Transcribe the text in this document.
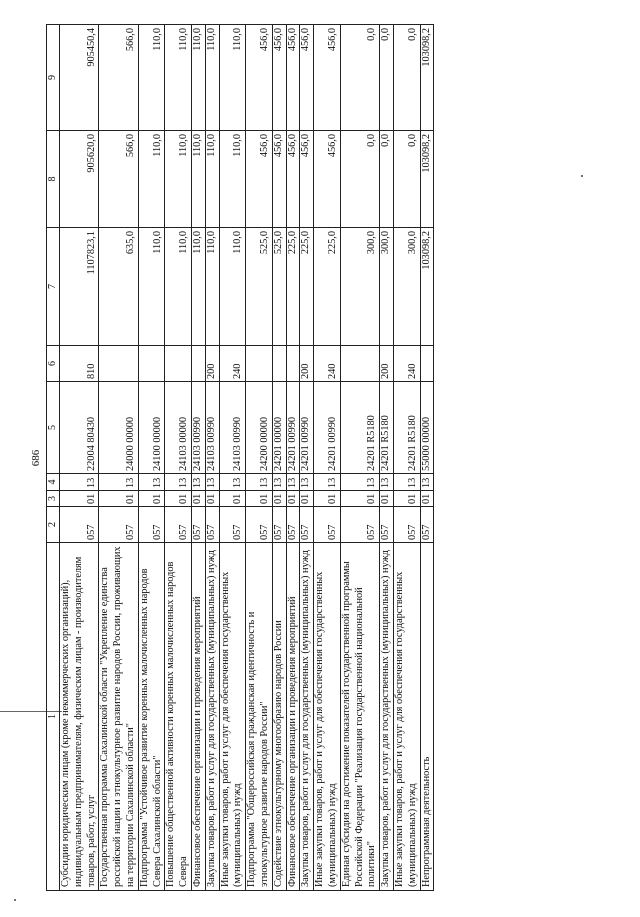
686
1	2	3	4	5	6	7	8	9
Субсидии юридическим лицам (кроме некоммерческих организаций), индивидуальным предпринимателям, физическим лицам - производителям товаров, работ, услуг	057	01	13	22004 80430	810	1107823,1	905620,0	905450,4
Государственная программа Сахалинской области "Укрепление единства российской нации и этнокультурное развитие народов России, проживающих на территории Сахалинской области"	057	01	13	24000 00000		635,0	566,0	566,0
Подпрограмма "Устойчивое развитие коренных малочисленных народов Севера Сахалинской области"	057	01	13	24100 00000		110,0	110,0	110,0
Повышение общественной активности коренных малочисленных народов Севера	057	01	13	24103 00000		110,0	110,0	110,0
Финансовое обеспечение организации и проведения мероприятий	057	01	13	24103 00990		110,0	110,0	110,0
Закупка товаров, работ и услуг для государственных (муниципальных) нужд	057	01	13	24103 00990	200	110,0	110,0	110,0
Иные закупки товаров, работ и услуг для обеспечения государственных (муниципальных) нужд	057	01	13	24103 00990	240	110,0	110,0	110,0
Подпрограмма "Общероссийская гражданская идентичность и этнокультурное развитие народов России"	057	01	13	24200 00000		525,0	456,0	456,0
Содействие этнокультурному многообразию народов России	057	01	13	24201 00000		525,0	456,0	456,0
Финансовое обеспечение организации и проведения мероприятий	057	01	13	24201 00990		225,0	456,0	456,0
Закупка товаров, работ и услуг для государственных (муниципальных) нужд	057	01	13	24201 00990	200	225,0	456,0	456,0
Иные закупки товаров, работ и услуг для обеспечения государственных (муниципальных) нужд	057	01	13	24201 00990	240	225,0	456,0	456,0
Единая субсидия на достижение показателей государственной программы Российской Федерации "Реализация государственной национальной политики"	057	01	13	24201 R5180		300,0	0,0	0,0
Закупка товаров, работ и услуг для государственных (муниципальных) нужд	057	01	13	24201 R5180	200	300,0	0,0	0,0
Иные закупки товаров, работ и услуг для обеспечения государственных (муниципальных) нужд	057	01	13	24201 R5180	240	300,0	0,0	0,0
Непрограммная деятельность	057	01	13	55000 00000		103098,2	103098,2	103098,2
